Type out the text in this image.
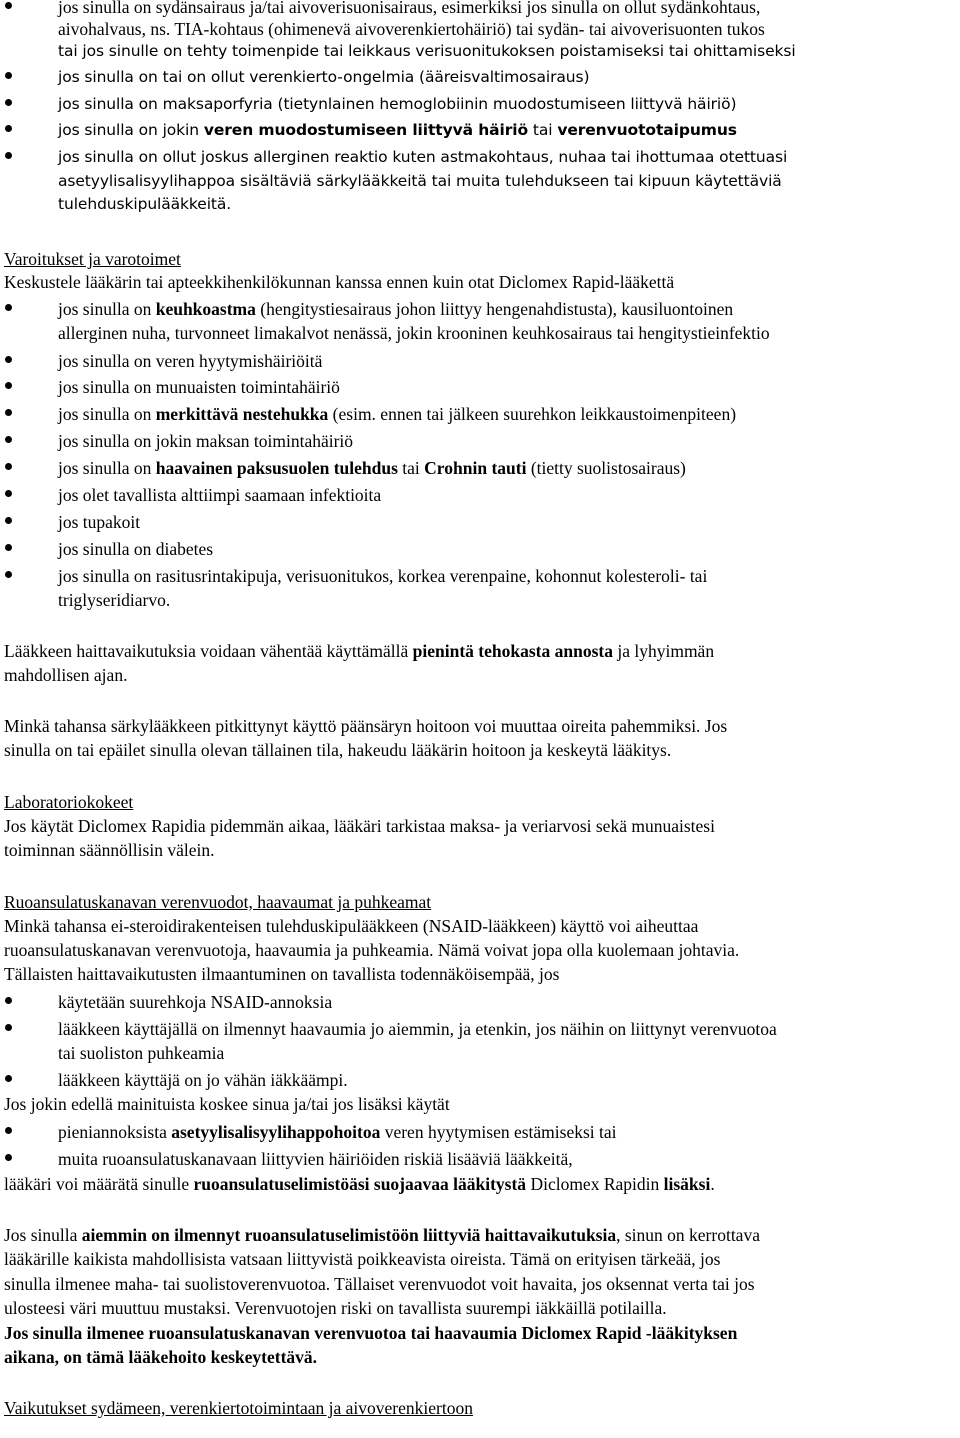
jos sinulla on sydänsairaus ja/tai aivoverisuonisairaus, esimerkiksi jos sinulla on ollut sydänkohtaus,
aivohalvaus, ns. TIA-kohtaus (ohimenevä aivoverenkiertohäiriö) tai sydän- tai aivoverisuonten tukos
tai jos sinulle on tehty toimenpide tai leikkaus verisuonitukoksen poistamiseksi tai ohittamiseksi
jos sinulla on tai on ollut verenkierto-ongelmia (ääreisvaltimosairaus)
jos sinulla on maksaporfyria (tietynlainen hemoglobiinin muodostumiseen liittyvä häiriö)
jos sinulla on jokin veren muodostumiseen liittyvä häiriö tai verenvuototaipumus
jos sinulla on ollut joskus allerginen reaktio kuten astmakohtaus, nuhaa tai ihottumaa otettuasi
asetyylisalisyylihappoa sisältäviä särkylääkkeitä tai muita tulehdukseen tai kipuun käytettäviä
tulehduskipulääkkeitä.
Varoitukset ja varotoimet
Keskustele lääkärin tai apteekkihenkilökunnan kanssa ennen kuin otat Diclomex Rapid-lääkettä
jos sinulla on keuhkoastma (hengitystiesairaus johon liittyy hengenahdistusta), kausiluontoinen
allerginen nuha, turvonneet limakalvot nenässä, jokin krooninen keuhkosairaus tai hengitystieinfektio
jos sinulla on veren hyytymishäiriöitä
jos sinulla on munuaisten toimintahäiriö
jos sinulla on merkittävä nestehukka (esim. ennen tai jälkeen suurehkon leikkaustoimenpiteen)
jos sinulla on jokin maksan toimintahäiriö
jos sinulla on haavainen paksusuolen tulehdus tai Crohnin tauti (tietty suolistosairaus)
jos olet tavallista alttiimpi saamaan infektioita
jos tupakoit
jos sinulla on diabetes
jos sinulla on rasitusrintakipuja, verisuonitukos, korkea verenpaine, kohonnut kolesteroli- tai
triglyseridiarvo.
Lääkkeen haittavaikutuksia voidaan vähentää käyttämällä pienintä tehokasta annosta ja lyhyimmän
mahdollisen ajan.
Minkä tahansa särkylääkkeen pitkittynyt käyttö päänsäryn hoitoon voi muuttaa oireita pahemmiksi. Jos
sinulla on tai epäilet sinulla olevan tällainen tila, hakeudu lääkärin hoitoon ja keskeytä lääkitys.
Laboratoriokokeet
Jos käytät Diclomex Rapidia pidemmän aikaa, lääkäri tarkistaa maksa- ja veriarvosi sekä munuaistesi
toiminnan säännöllisin välein.
Ruoansulatuskanavan verenvuodot, haavaumat ja puhkeamat
Minkä tahansa ei-steroidirakenteisen tulehduskipulääkkeen (NSAID-lääkkeen) käyttö voi aiheuttaa
ruoansulatuskanavan verenvuotoja, haavaumia ja puhkeamia. Nämä voivat jopa olla kuolemaan johtavia.
Tällaisten haittavaikutusten ilmaantuminen on tavallista todennäköisempää, jos
käytetään suurehkoja NSAID-annoksia
lääkkeen käyttäjällä on ilmennyt haavaumia jo aiemmin, ja etenkin, jos näihin on liittynyt verenvuotoa
tai suoliston puhkeamia
lääkkeen käyttäjä on jo vähän iäkkäämpi.
Jos jokin edellä mainituista koskee sinua ja/tai jos lisäksi käytät
pieniannoksista asetyylisalisyylihappohoitoa veren hyytymisen estämiseksi tai
muita ruoansulatuskanavaan liittyvien häiriöiden riskiä lisääviä lääkkeitä,
lääkäri voi määrätä sinulle ruoansulatuselimistöäsi suojaavaa lääkitystä Diclomex Rapidin lisäksi.
Jos sinulla aiemmin on ilmennyt ruoansulatuselimistöön liittyviä haittavaikutuksia, sinun on kerrottava
lääkärille kaikista mahdollisista vatsaan liittyvistä poikkeavista oireista. Tämä on erityisen tärkeää, jos
sinulla ilmenee maha- tai suolistoverenvuotoa. Tällaiset verenvuodot voit havaita, jos oksennat verta tai jos
ulosteesi väri muuttuu mustaksi. Verenvuotojen riski on tavallista suurempi iäkkäillä potilailla.
Jos sinulla ilmenee ruoansulatuskanavan verenvuotoa tai haavaumia Diclomex Rapid -lääkityksen
aikana, on tämä lääkehoito keskeytettävä.
Vaikutukset sydämeen, verenkiertotoimintaan ja aivoverenkiertoon
